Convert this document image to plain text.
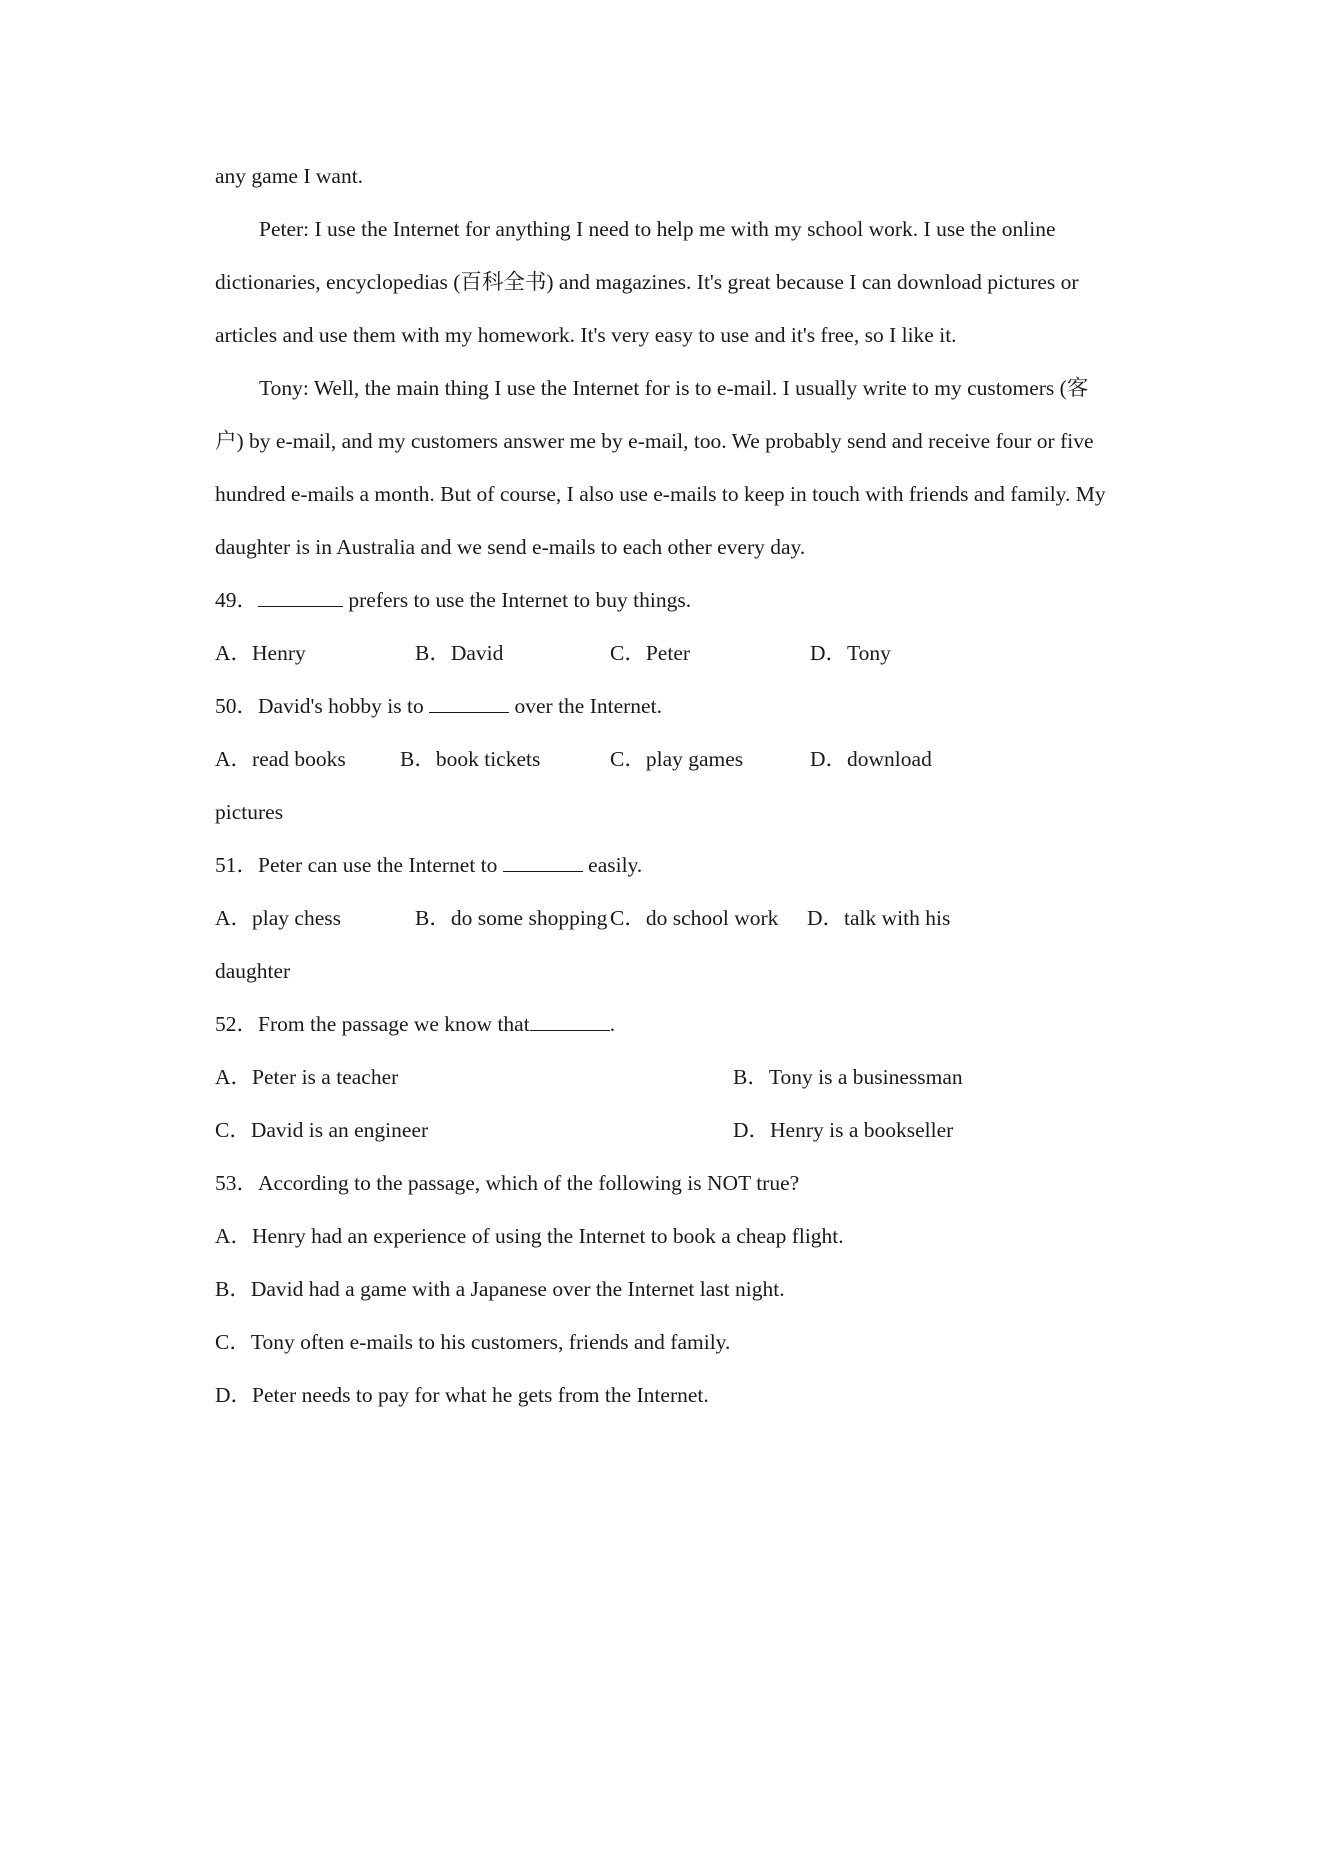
any game I want.

Peter: I use the Internet for anything I need to help me with my school work. I use the online dictionaries, encyclopedias (百科全书) and magazines. It's great because I can download pictures or articles and use them with my homework. It's very easy to use and it's free, so I like it.

Tony: Well, the main thing I use the Internet for is to e-mail. I usually write to my customers (客户) by e-mail, and my customers answer me by e-mail, too. We probably send and receive four or five hundred e-mails a month. But of course, I also use e-mails to keep in touch with friends and family. My daughter is in Australia and we send e-mails to each other every day.

49．	prefers to use the Internet to buy things.

A．Henry	B．David	C．Peter	D．Tony

50．David's hobby is to	over the Internet.

A．read books	B．book tickets	C．play games	D．download

pictures

51．Peter can use the Internet to	easily.

A．play chess	B．do some shopping C．do school work	D．talk with his

daughter

52．From the passage we know that	.

A．Peter is a teacher	B．Tony is a businessman
C．David is an engineer	D．Henry is a bookseller

53．According to the passage, which of the following is NOT true?

A．Henry had an experience of using the Internet to book a cheap flight.

B．David had a game with a Japanese over the Internet last night.

C．Tony often e-mails to his customers, friends and family.

D．Peter needs to pay for what he gets from the Internet.
